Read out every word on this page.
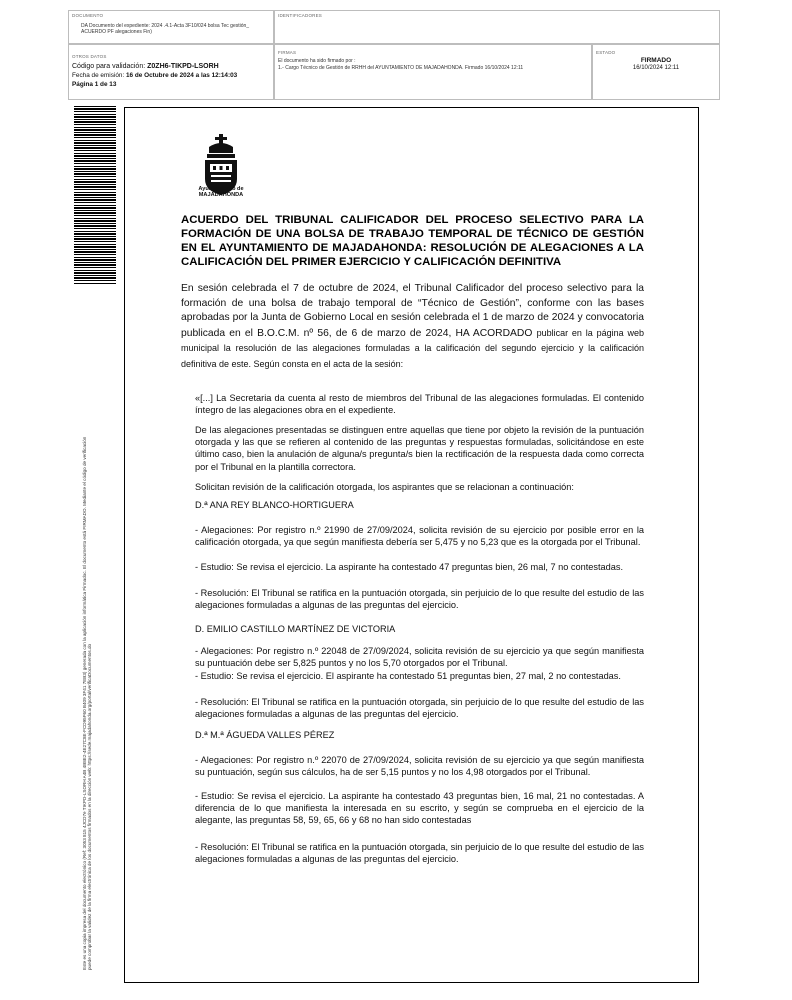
DOCUMENTO
DA Documento del expediente: 2024 .4.1-Acta 3F10/024 bolsa Tec gestión_ ACUERDO PF alegaciones Fin)
IDENTIFICADORES
OTROS DATOS
Código para validación: Z0ZH6-TIKPD-LSORH
Fecha de emisión: 16 de Octubre de 2024 a las 12:14:03
Página 1 de 13
FIRMAS
El documento ha sido firmado por :
1.- Cargo Técnico de Gestión de RRHH del AYUNTAMIENTO DE MAJADAHONDA. Firmado 16/10/2024 12:11
ESTADO
FIRMADO
16/10/2024 12:11
Este es una copia impresa del documento electrónico (Ref: 3053 815 4JCD7e TIKPD-LSORH A4B 4B8E2-4E27C8E-FCD95F60 B409 3F41 7EB3) generada con la aplicación informática Firmadoc. El documento está FIRMADO. Mediante el código de verificación puede comprobar la validez de la firma electrónica de los documentos firmados en la dirección web: https://sede.majadahonda.org/portal/verificaDocumentos.do
Ayuntamiento de
MAJADAHONDA
ACUERDO DEL TRIBUNAL CALIFICADOR DEL PROCESO SELECTIVO PARA LA FORMACIÓN DE UNA BOLSA DE TRABAJO TEMPORAL DE TÉCNICO DE GESTIÓN EN EL AYUNTAMIENTO DE MAJADAHONDA: RESOLUCIÓN DE ALEGACIONES A LA CALIFICACIÓN DEL PRIMER EJERCICIO Y CALIFICACIÓN DEFINITIVA
En sesión celebrada el 7 de octubre de 2024, el Tribunal Calificador del proceso selectivo para la formación de una bolsa de trabajo temporal de “Técnico de Gestión”, conforme con las bases aprobadas por la Junta de Gobierno Local en sesión celebrada el 1 de marzo de 2024 y convocatoria publicada en el B.O.C.M. nº 56, de 6 de marzo de 2024, HA ACORDADO publicar en la página web municipal la resolución de las alegaciones formuladas a la calificación del segundo ejercicio y la calificación definitiva de este. Según consta en el acta de la sesión:
«[...] La Secretaria da cuenta al resto de miembros del Tribunal de las alegaciones formuladas. El contenido íntegro de las alegaciones obra en el expediente.
De las alegaciones presentadas se distinguen entre aquellas que tiene por objeto la revisión de la puntuación otorgada y las que se refieren al contenido de las preguntas y respuestas formuladas, solicitándose en este último caso, bien la anulación de alguna/s pregunta/s bien la rectificación de la respuesta dada como correcta por el Tribunal en la plantilla correctora.
Solicitan revisión de la calificación otorgada, los aspirantes que se relacionan a continuación:
D.ª ANA REY BLANCO-HORTIGUERA
- Alegaciones: Por registro n.º 21990 de 27/09/2024, solicita revisión de su ejercicio por posible error en la calificación otorgada, ya que según manifiesta debería ser 5,475 y no 5,23 que es la otorgada por el Tribunal.
- Estudio: Se revisa el ejercicio. La aspirante ha contestado 47 preguntas bien, 26 mal, 7 no contestadas.
- Resolución: El Tribunal se ratifica en la puntuación otorgada, sin perjuicio de lo que resulte del estudio de las alegaciones formuladas a algunas de las preguntas del ejercicio.
D. EMILIO CASTILLO MARTÍNEZ DE VICTORIA
- Alegaciones: Por registro n.º 22048 de 27/09/2024, solicita revisión de su ejercicio ya que según manifiesta su puntuación debe ser 5,825 puntos y no los 5,70 otorgados por el Tribunal.
- Estudio: Se revisa el ejercicio. El aspirante ha contestado 51 preguntas bien, 27 mal, 2 no contestadas.
- Resolución: El Tribunal se ratifica en la puntuación otorgada, sin perjuicio de lo que resulte del estudio de las alegaciones formuladas a algunas de las preguntas del ejercicio.
D.ª M.ª ÁGUEDA VALLES PÉREZ
- Alegaciones: Por registro n.º 22070 de 27/09/2024, solicita revisión de su ejercicio ya que según manifiesta su puntuación, según sus cálculos, ha de ser 5,15 puntos y no los 4,98 otorgados por el Tribunal.
- Estudio: Se revisa el ejercicio. La aspirante ha contestado 43 preguntas bien, 16 mal, 21 no contestadas. A diferencia de lo que manifiesta la interesada en su escrito, y según se comprueba en el ejercicio de la alegante, las preguntas 58, 59, 65, 66 y 68 no han sido contestadas
- Resolución: El Tribunal se ratifica en la puntuación otorgada, sin perjuicio de lo que resulte del estudio de las alegaciones formuladas a algunas de las preguntas del ejercicio.
